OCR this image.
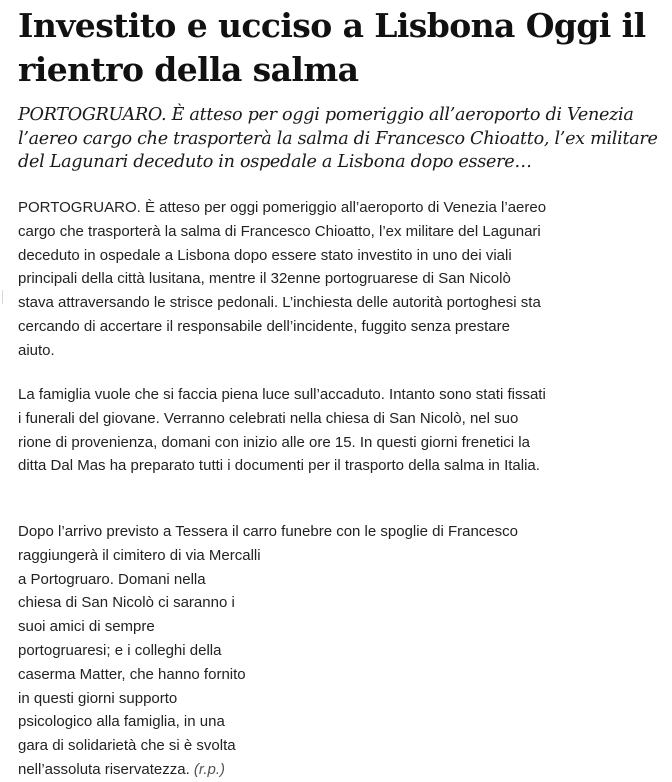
Investito e ucciso a Lisbona Oggi il rientro della salma

PORTOGRUARO. È atteso per oggi pomeriggio all’aeroporto di Venezia l’aereo cargo che trasporterà la salma di Francesco Chioatto, l’ex militare del Lagunari deceduto in ospedale a Lisbona dopo essere…

PORTOGRUARO. È atteso per oggi pomeriggio all’aeroporto di Venezia l’aereo cargo che trasporterà la salma di Francesco Chioatto, l’ex militare del Lagunari deceduto in ospedale a Lisbona dopo essere stato investito in uno dei viali principali della città lusitana, mentre il 32enne portogruarese di San Nicolò stava attraversando le strisce pedonali. L’inchiesta delle autorità portoghesi sta cercando di accertare il responsabile dell’incidente, fuggito senza prestare aiuto.

La famiglia vuole che si faccia piena luce sull’accaduto. Intanto sono stati fissati i funerali del giovane. Verranno celebrati nella chiesa di San Nicolò, nel suo rione di provenienza, domani con inizio alle ore 15. In questi giorni frenetici la ditta Dal Mas ha preparato tutti i documenti per il trasporto della salma in Italia.

Dopo l’arrivo previsto a Tessera il carro funebre con le spoglie di Francesco raggiungerà il cimitero di via Mercalli
a Portogruaro. Domani nella chiesa di San Nicolò ci saranno i suoi amici di sempre portogruaresi; e i colleghi della caserma Matter, che hanno fornito in questi giorni supporto psicologico alla famiglia, in una gara di solidarietà che si è svolta nell’assoluta riservatezza. (r.p.)
